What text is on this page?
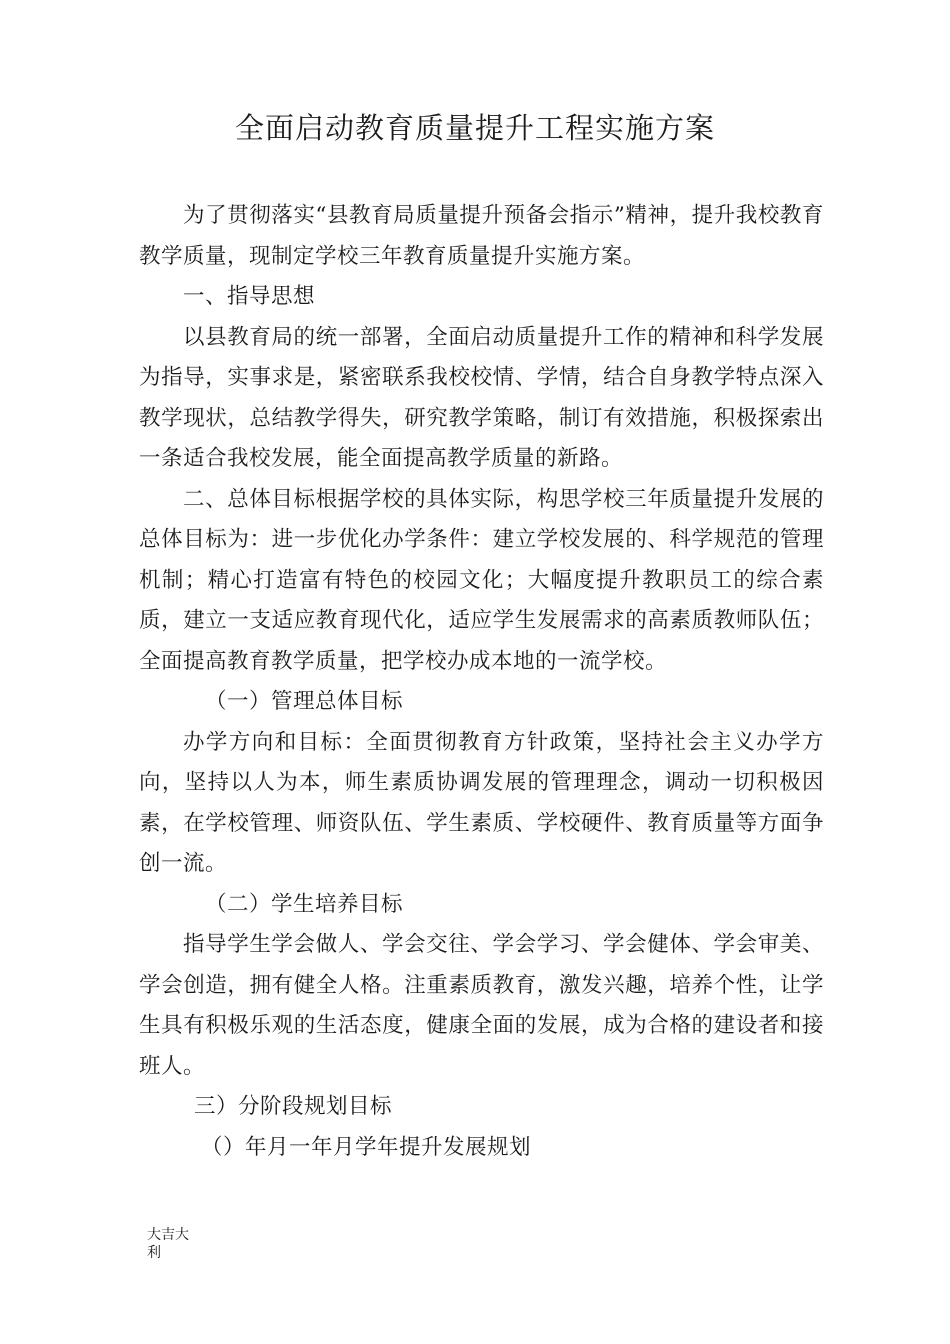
全面启动教育质量提升工程实施方案

为了贯彻落实“县教育局质量提升预备会指示”精神，提升我校教育教学质量，现制定学校三年教育质量提升实施方案。

一、指导思想

以县教育局的统一部署，全面启动质量提升工作的精神和科学发展为指导，实事求是，紧密联系我校校情、学情，结合自身教学特点深入教学现状，总结教学得失，研究教学策略，制订有效措施，积极探索出一条适合我校发展，能全面提高教学质量的新路。

二、总体目标根据学校的具体实际，构思学校三年质量提升发展的总体目标为：进一步优化办学条件：建立学校发展的、科学规范的管理机制；精心打造富有特色的校园文化；大幅度提升教职员工的综合素质，建立一支适应教育现代化，适应学生发展需求的高素质教师队伍；全面提高教育教学质量，把学校办成本地的一流学校。

（一）管理总体目标

办学方向和目标：全面贯彻教育方针政策，坚持社会主义办学方向，坚持以人为本，师生素质协调发展的管理理念，调动一切积极因素，在学校管理、师资队伍、学生素质、学校硬件、教育质量等方面争创一流。

（二）学生培养目标

指导学生学会做人、学会交往、学会学习、学会健体、学会审美、学会创造，拥有健全人格。注重素质教育，激发兴趣，培养个性，让学生具有积极乐观的生活态度，健康全面的发展，成为合格的建设者和接班人。

三）分阶段规划目标

（）年月一年月学年提升发展规划

大吉大利
